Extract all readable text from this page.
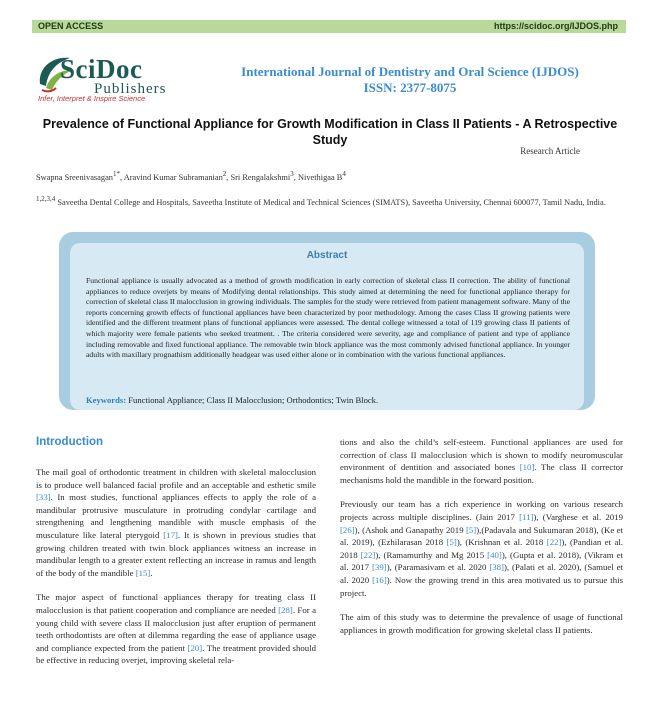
OPEN ACCESS	https://scidoc.org/IJDOS.php
SciDoc
Publishers
Infer, Interpret & Inspire Science
International Journal of Dentistry and Oral Science (IJDOS)
ISSN: 2377-8075
Prevalence of Functional Appliance for Growth Modification in Class II Patients - A Retrospective Study
Research Article
Swapna Sreenivasagan$^{1*}$, Aravind Kumar Subramanian$^2$, Sri Rengalakshmi$^3$, Nivethigaa $B^4$
$^{1,2,3,4}$ Saveetha Dental College and Hospitals, Saveetha Institute of Medical and Technical Sciences (SIMATS), Saveetha University, Chennai 600077, Tamil Nadu, India.
Abstract
Functional appliance is usually advocated as a method of growth modification in early correction of skeletal class II correction. The ability of functional appliances to reduce overjets by means of Modifying dental relationships. This study aimed at determining the need for functional appliance therapy for correction of skeletal class II malocclusion in growing individuals. The samples for the study were retrieved from patient management software. Many of the reports concerning growth effects of functional appliances have been characterized by poor methodology. Among the cases Class II growing patients were identified and the different treatment plans of functional appliances were assessed. The dental college witnessed a total of 119 growing class II patients of which majority were female patients who seeked treatment. . The criteria considered were severity, age and compliance of patient and type of appliance including removable and fixed functional appliance. The removable twin block appliance was the most commonly advised functional appliance. In younger adults with maxillary prognathism additionally headgear was used either alone or in combination with the various functional appliances.
Keywords: Functional Appliance; Class II Malocclusion; Orthodontics; Twin Block.
Introduction

The mail goal of orthodontic treatment in children with skeletal malocclusion is to produce well balanced facial profile and an acceptable and esthetic smile [33]. In most studies, functional appliances effects to apply the role of a mandibular protrusive musculature in protruding condylar cartilage and strengthening and lengthening mandible with muscle emphasis of the musculature like lateral pterygoid [17]. It is shown in previous studies that growing children treated with twin block appliances witness an increase in mandibular length to a greater extent reflecting an increase in ramus and length of the body of the mandible [15].

The major aspect of functional appliances therapy for treating class II malocclusion is that patient cooperation and compliance are needed [28]. For a young child with severe class II malocclusion just after eruption of permanent teeth orthodontists are often at dilemma regarding the ease of appliance usage and compliance expected from the patient [20]. The treatment provided should be effective in reducing overjet, improving skeletal rela-

tions and also the child’s self-esteem. Functional appliances are used for correction of class II malocclusion which is shown to modify neuromuscular environment of dentition and associated bones [10]. The class II corrector mechanisms hold the mandible in the forward position.

Previously our team has a rich experience in working on various research projects across multiple disciplines. (Jain 2017 [11]), (Varghese et al. 2019 [26]), (Ashok and Ganapathy 2019 [5]),(Padavala and Sukumaran 2018), (Ke et al. 2019), (Ezhilarasan 2018 [5]), (Krishnan et al. 2018 [22]), (Pandian et al. 2018 [22]), (Ramamurthy and Mg 2015 [40]), (Gupta et al. 2018), (Vikram et al. 2017 [39]), (Paramasivam et al. 2020 [38]), (Palati et al. 2020), (Samuel et al. 2020 [16]). Now the growing trend in this area motivated us to pursue this project.

The aim of this study was to determine the prevalence of usage of functional appliances in growth modification for growing skeletal class II patients.
